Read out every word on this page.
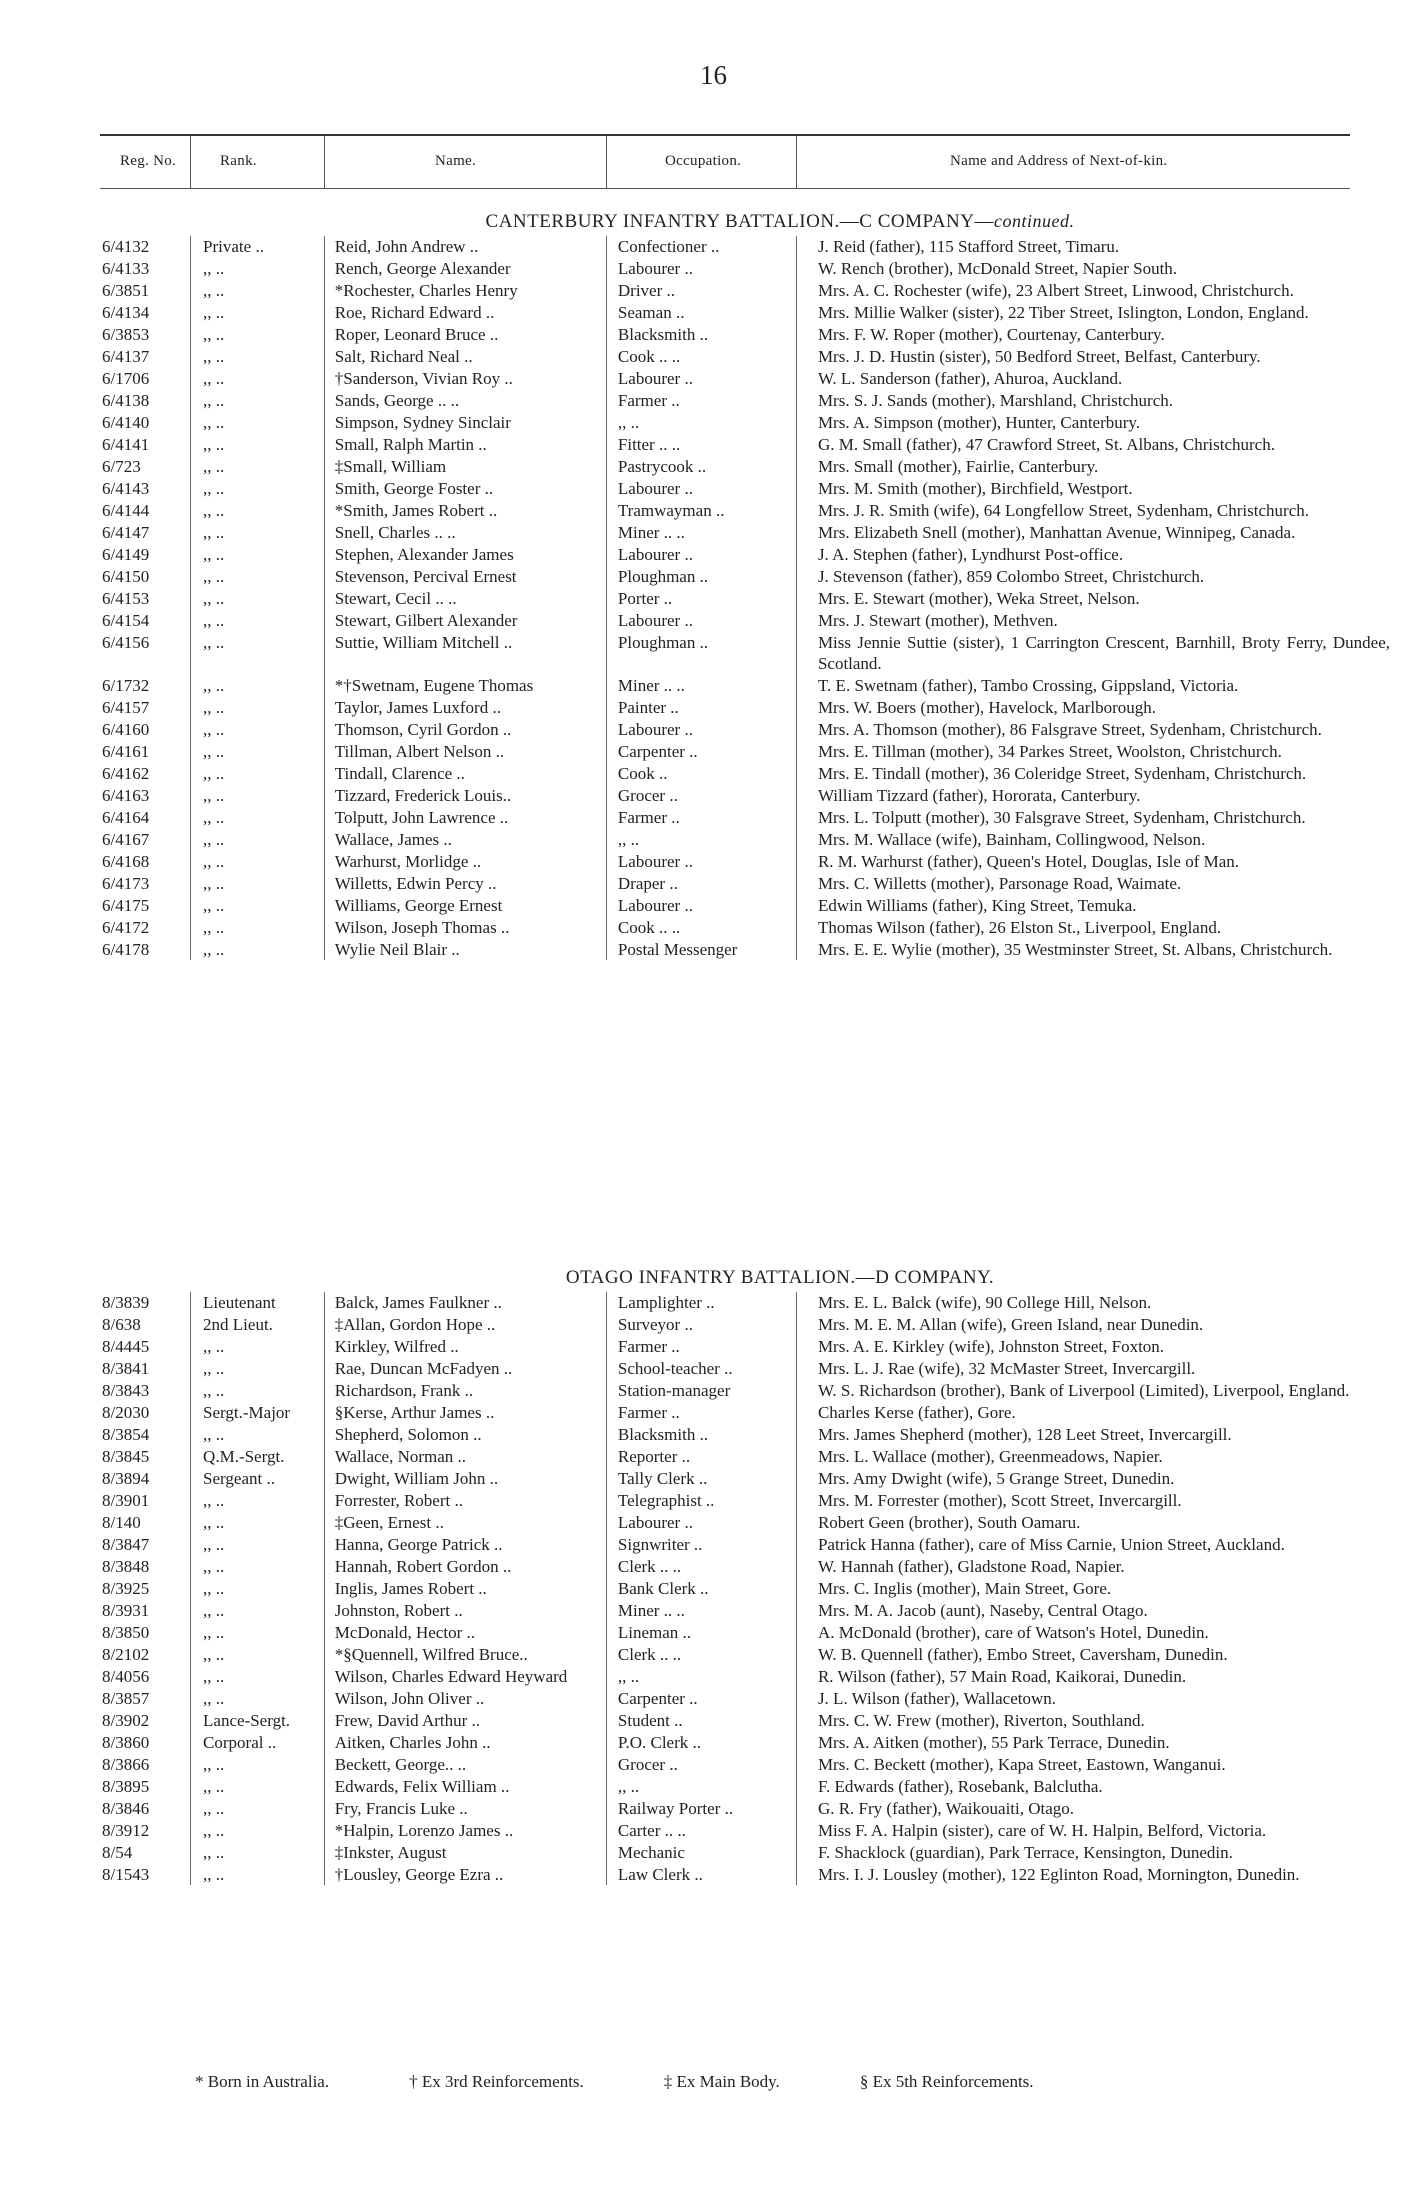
16
Reg. No.	Rank.	Name.	Occupation.	Name and Address of Next-of-kin.
CANTERBURY INFANTRY BATTALION.—C COMPANY—continued.
6/4132	Private ..	Reid, John Andrew ..	Confectioner ..	J. Reid (father), 115 Stafford Street, Timaru.
6/4133	,, ..	Rench, George Alexander	Labourer ..	W. Rench (brother), McDonald Street, Napier South.
6/3851	,, ..	*Rochester, Charles Henry	Driver ..	Mrs. A. C. Rochester (wife), 23 Albert Street, Linwood, Christchurch.
6/4134	,, ..	Roe, Richard Edward ..	Seaman ..	Mrs. Millie Walker (sister), 22 Tiber Street, Islington, London, England.
6/3853	,, ..	Roper, Leonard Bruce ..	Blacksmith ..	Mrs. F. W. Roper (mother), Courtenay, Canterbury.
6/4137	,, ..	Salt, Richard Neal ..	Cook .. ..	Mrs. J. D. Hustin (sister), 50 Bedford Street, Belfast, Canterbury.
6/1706	,, ..	†Sanderson, Vivian Roy ..	Labourer ..	W. L. Sanderson (father), Ahuroa, Auckland.
6/4138	,, ..	Sands, George .. ..	Farmer ..	Mrs. S. J. Sands (mother), Marshland, Christchurch.
6/4140	,, ..	Simpson, Sydney Sinclair	,, ..	Mrs. A. Simpson (mother), Hunter, Canterbury.
6/4141	,, ..	Small, Ralph Martin ..	Fitter .. ..	G. M. Small (father), 47 Crawford Street, St. Albans, Christchurch.
6/723	,, ..	‡Small, William	Pastrycook ..	Mrs. Small (mother), Fairlie, Canterbury.
6/4143	,, ..	Smith, George Foster ..	Labourer ..	Mrs. M. Smith (mother), Birchfield, Westport.
6/4144	,, ..	*Smith, James Robert ..	Tramwayman ..	Mrs. J. R. Smith (wife), 64 Longfellow Street, Sydenham, Christchurch.
6/4147	,, ..	Snell, Charles .. ..	Miner .. ..	Mrs. Elizabeth Snell (mother), Manhattan Avenue, Winnipeg, Canada.
6/4149	,, ..	Stephen, Alexander James	Labourer ..	J. A. Stephen (father), Lyndhurst Post-office.
6/4150	,, ..	Stevenson, Percival Ernest	Ploughman ..	J. Stevenson (father), 859 Colombo Street, Christchurch.
6/4153	,, ..	Stewart, Cecil .. ..	Porter ..	Mrs. E. Stewart (mother), Weka Street, Nelson.
6/4154	,, ..	Stewart, Gilbert Alexander	Labourer ..	Mrs. J. Stewart (mother), Methven.
6/4156	,, ..	Suttie, William Mitchell ..	Ploughman ..	Miss Jennie Suttie (sister), 1 Carrington Crescent, Barnhill, Broty Ferry, Dundee, Scotland.
6/1732	,, ..	*†Swetnam, Eugene Thomas	Miner .. ..	T. E. Swetnam (father), Tambo Crossing, Gippsland, Victoria.
6/4157	,, ..	Taylor, James Luxford ..	Painter ..	Mrs. W. Boers (mother), Havelock, Marlborough.
6/4160	,, ..	Thomson, Cyril Gordon ..	Labourer ..	Mrs. A. Thomson (mother), 86 Falsgrave Street, Sydenham, Christchurch.
6/4161	,, ..	Tillman, Albert Nelson ..	Carpenter ..	Mrs. E. Tillman (mother), 34 Parkes Street, Woolston, Christchurch.
6/4162	,, ..	Tindall, Clarence ..	Cook ..	Mrs. E. Tindall (mother), 36 Coleridge Street, Sydenham, Christchurch.
6/4163	,, ..	Tizzard, Frederick Louis..	Grocer ..	William Tizzard (father), Hororata, Canterbury.
6/4164	,, ..	Tolputt, John Lawrence ..	Farmer ..	Mrs. L. Tolputt (mother), 30 Falsgrave Street, Sydenham, Christchurch.
6/4167	,, ..	Wallace, James ..	,, ..	Mrs. M. Wallace (wife), Bainham, Collingwood, Nelson.
6/4168	,, ..	Warhurst, Morlidge ..	Labourer ..	R. M. Warhurst (father), Queen's Hotel, Douglas, Isle of Man.
6/4173	,, ..	Willetts, Edwin Percy ..	Draper ..	Mrs. C. Willetts (mother), Parsonage Road, Waimate.
6/4175	,, ..	Williams, George Ernest	Labourer ..	Edwin Williams (father), King Street, Temuka.
6/4172	,, ..	Wilson, Joseph Thomas ..	Cook .. ..	Thomas Wilson (father), 26 Elston St., Liverpool, England.
6/4178	,, ..	Wylie Neil Blair ..	Postal Messenger	Mrs. E. E. Wylie (mother), 35 Westminster Street, St. Albans, Christchurch.
OTAGO INFANTRY BATTALION.—D COMPANY.
8/3839	Lieutenant	Balck, James Faulkner ..	Lamplighter ..	Mrs. E. L. Balck (wife), 90 College Hill, Nelson.
8/638	2nd Lieut.	‡Allan, Gordon Hope ..	Surveyor ..	Mrs. M. E. M. Allan (wife), Green Island, near Dunedin.
8/4445	,, ..	Kirkley, Wilfred ..	Farmer ..	Mrs. A. E. Kirkley (wife), Johnston Street, Foxton.
8/3841	,, ..	Rae, Duncan McFadyen ..	School-teacher ..	Mrs. L. J. Rae (wife), 32 McMaster Street, Invercargill.
8/3843	,, ..	Richardson, Frank ..	Station-manager	W. S. Richardson (brother), Bank of Liverpool (Limited), Liverpool, England.
8/2030	Sergt.-Major	§Kerse, Arthur James ..	Farmer ..	Charles Kerse (father), Gore.
8/3854	,, ..	Shepherd, Solomon ..	Blacksmith ..	Mrs. James Shepherd (mother), 128 Leet Street, Invercargill.
8/3845	Q.M.-Sergt.	Wallace, Norman ..	Reporter ..	Mrs. L. Wallace (mother), Greenmeadows, Napier.
8/3894	Sergeant ..	Dwight, William John ..	Tally Clerk ..	Mrs. Amy Dwight (wife), 5 Grange Street, Dunedin.
8/3901	,, ..	Forrester, Robert ..	Telegraphist ..	Mrs. M. Forrester (mother), Scott Street, Invercargill.
8/140	,, ..	‡Geen, Ernest ..	Labourer ..	Robert Geen (brother), South Oamaru.
8/3847	,, ..	Hanna, George Patrick ..	Signwriter ..	Patrick Hanna (father), care of Miss Carnie, Union Street, Auckland.
8/3848	,, ..	Hannah, Robert Gordon ..	Clerk .. ..	W. Hannah (father), Gladstone Road, Napier.
8/3925	,, ..	Inglis, James Robert ..	Bank Clerk ..	Mrs. C. Inglis (mother), Main Street, Gore.
8/3931	,, ..	Johnston, Robert ..	Miner .. ..	Mrs. M. A. Jacob (aunt), Naseby, Central Otago.
8/3850	,, ..	McDonald, Hector ..	Lineman ..	A. McDonald (brother), care of Watson's Hotel, Dunedin.
8/2102	,, ..	*§Quennell, Wilfred Bruce..	Clerk .. ..	W. B. Quennell (father), Embo Street, Caversham, Dunedin.
8/4056	,, ..	Wilson, Charles Edward Heyward	,, ..	R. Wilson (father), 57 Main Road, Kaikorai, Dunedin.
8/3857	,, ..	Wilson, John Oliver ..	Carpenter ..	J. L. Wilson (father), Wallacetown.
8/3902	Lance-Sergt.	Frew, David Arthur ..	Student ..	Mrs. C. W. Frew (mother), Riverton, Southland.
8/3860	Corporal ..	Aitken, Charles John ..	P.O. Clerk ..	Mrs. A. Aitken (mother), 55 Park Terrace, Dunedin.
8/3866	,, ..	Beckett, George.. ..	Grocer ..	Mrs. C. Beckett (mother), Kapa Street, Eastown, Wanganui.
8/3895	,, ..	Edwards, Felix William ..	,, ..	F. Edwards (father), Rosebank, Balclutha.
8/3846	,, ..	Fry, Francis Luke ..	Railway Porter ..	G. R. Fry (father), Waikouaiti, Otago.
8/3912	,, ..	*Halpin, Lorenzo James ..	Carter .. ..	Miss F. A. Halpin (sister), care of W. H. Halpin, Belford, Victoria.
8/54	,, ..	‡Inkster, August	Mechanic	F. Shacklock (guardian), Park Terrace, Kensington, Dunedin.
8/1543	,, ..	†Lousley, George Ezra ..	Law Clerk ..	Mrs. I. J. Lousley (mother), 122 Eglinton Road, Mornington, Dunedin.
* Born in Australia.	† Ex 3rd Reinforcements.	‡ Ex Main Body.	§ Ex 5th Reinforcements.
